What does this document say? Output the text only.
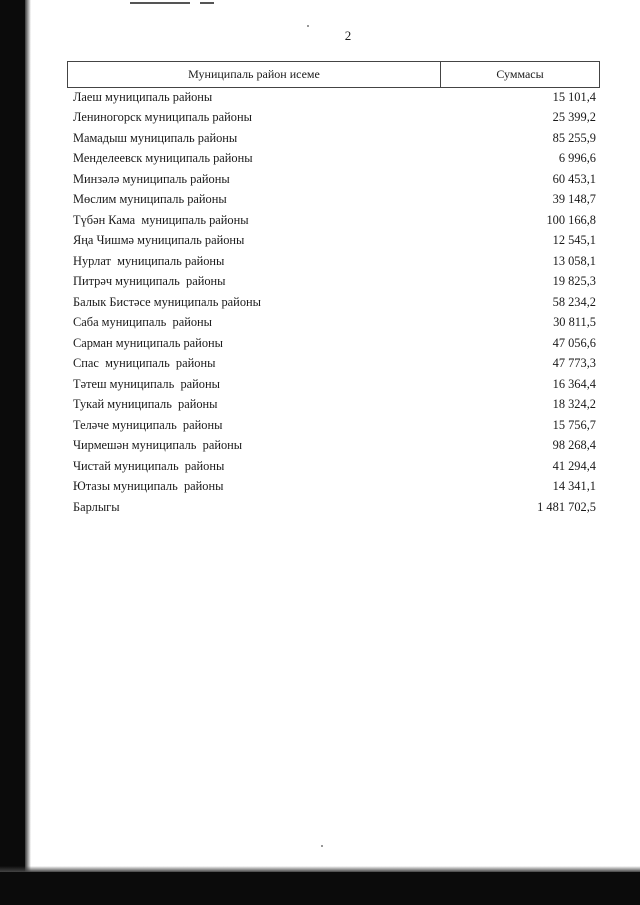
2
Муниципаль район исеме	Суммасы
Лаеш муниципаль районы	15 101,4
Лениногорск муниципаль районы	25 399,2
Мамадыш муниципаль районы	85 255,9
Менделеевск муниципаль районы	6 996,6
Минзәлә муниципаль районы	60 453,1
Мөслим муниципаль районы	39 148,7
Түбән Кама  муниципаль районы	100 166,8
Яңа Чишмә муниципаль районы	12 545,1
Нурлат  муниципаль районы	13 058,1
Питрәч муниципаль  районы	19 825,3
Балык Бистәсе муниципаль районы	58 234,2
Саба муниципаль  районы	30 811,5
Сарман муниципаль районы	47 056,6
Спас  муниципаль  районы	47 773,3
Тәтеш муниципаль  районы	16 364,4
Тукай муниципаль  районы	18 324,2
Теләче муниципаль  районы	15 756,7
Чирмешән муниципаль  районы	98 268,4
Чистай муниципаль  районы	41 294,4
Ютазы муниципаль  районы	14 341,1
Барлыгы	1 481 702,5
